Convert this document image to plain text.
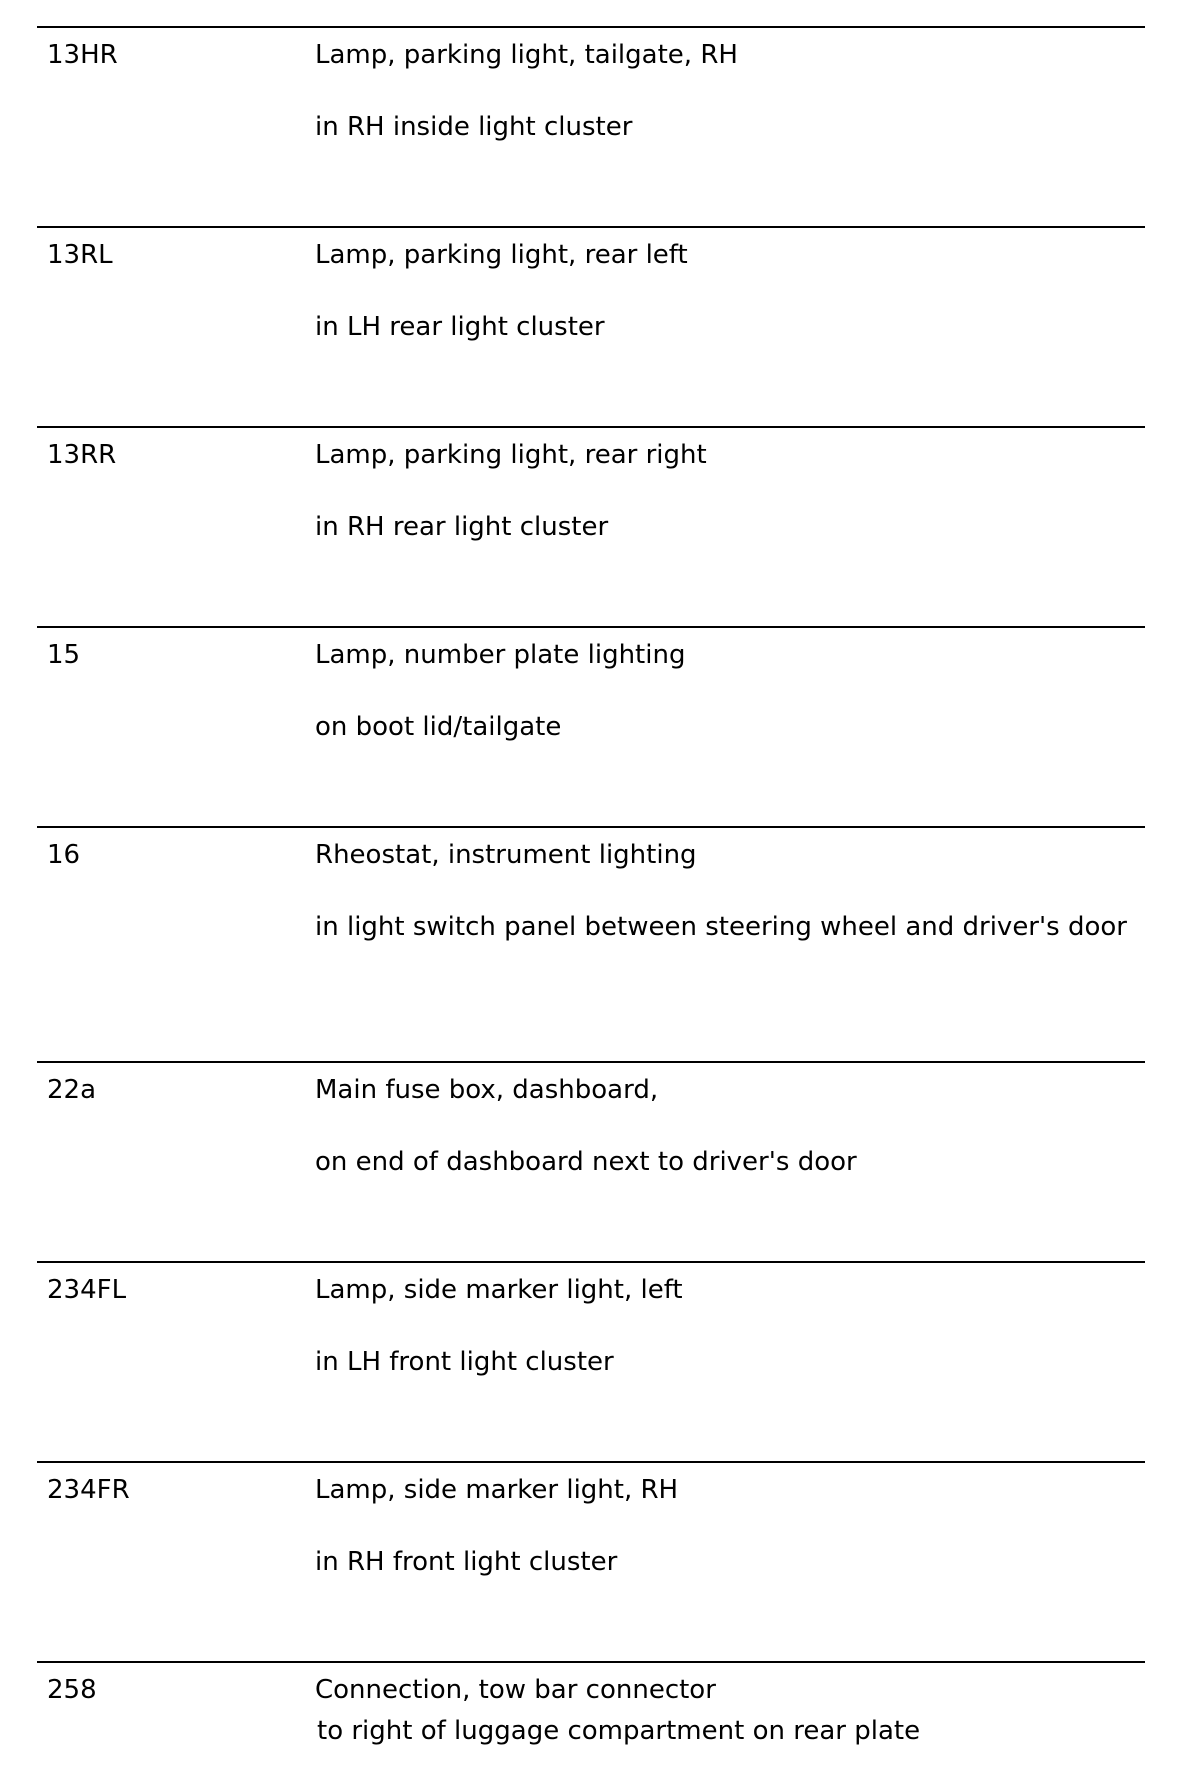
13HR	Lamp, parking light, tailgate, RH

in RH inside light cluster

13RL	Lamp, parking light, rear left

in LH rear light cluster

13RR	Lamp, parking light, rear right

in RH rear light cluster

15	Lamp, number plate lighting

on boot lid/tailgate

16	Rheostat, instrument lighting

in light switch panel between steering wheel and driver's door

22a	Main fuse box, dashboard,

on end of dashboard next to driver's door

234FL	Lamp, side marker light, left

in LH front light cluster

234FR	Lamp, side marker light, RH

in RH front light cluster

258	Connection, tow bar connector

to right of luggage compartment on rear plate
